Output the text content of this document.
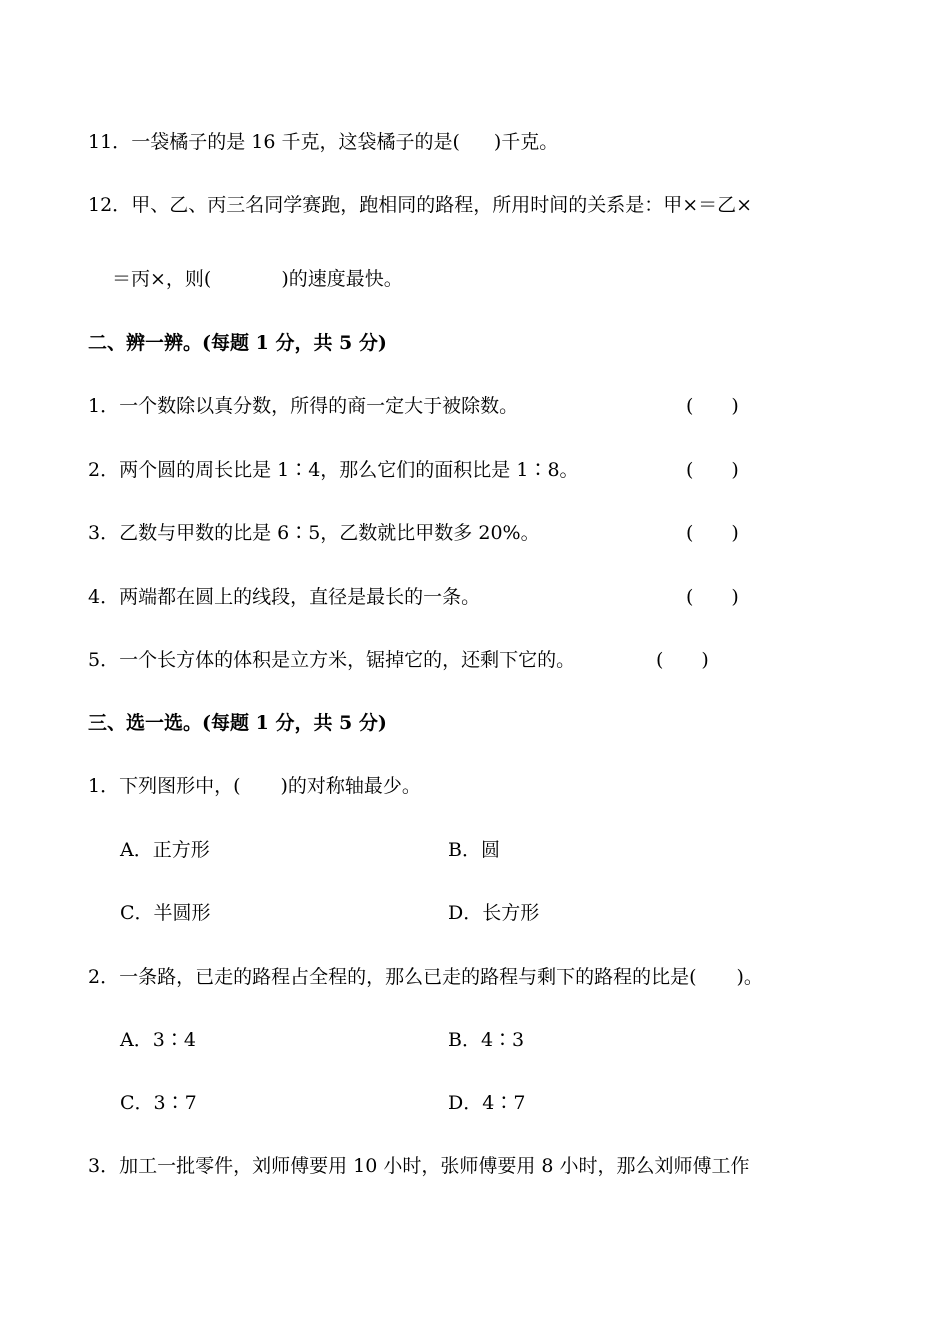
11．一袋橘子的是 16 千克，这袋橘子的是( )千克。
12．甲、乙、丙三名同学赛跑，跑相同的路程，所用时间的关系是：甲×＝乙×
＝丙×，则(	)的速度最快。
二、辨一辨。(每题 1 分，共 5 分)
1．一个数除以真分数，所得的商一定大于被除数。	(　　)
2．两个圆的周长比是 1∶4，那么它们的面积比是 1∶8。	(　　)
3．乙数与甲数的比是 6∶5，乙数就比甲数多 20%。	(　　)
4．两端都在圆上的线段，直径是最长的一条。	(　　)
5．一个长方体的体积是立方米，锯掉它的，还剩下它的。	(　　)
三、选一选。(每题 1 分，共 5 分)
1．下列图形中，( )的对称轴最少。
A．正方形	B．圆
C．半圆形	D．长方形
2．一条路，已走的路程占全程的，那么已走的路程与剩下的路程的比是( )。
A．3∶4	B．4∶3
C．3∶7	D．4∶7
3．加工一批零件，刘师傅要用 10 小时，张师傅要用 8 小时，那么刘师傅工作
